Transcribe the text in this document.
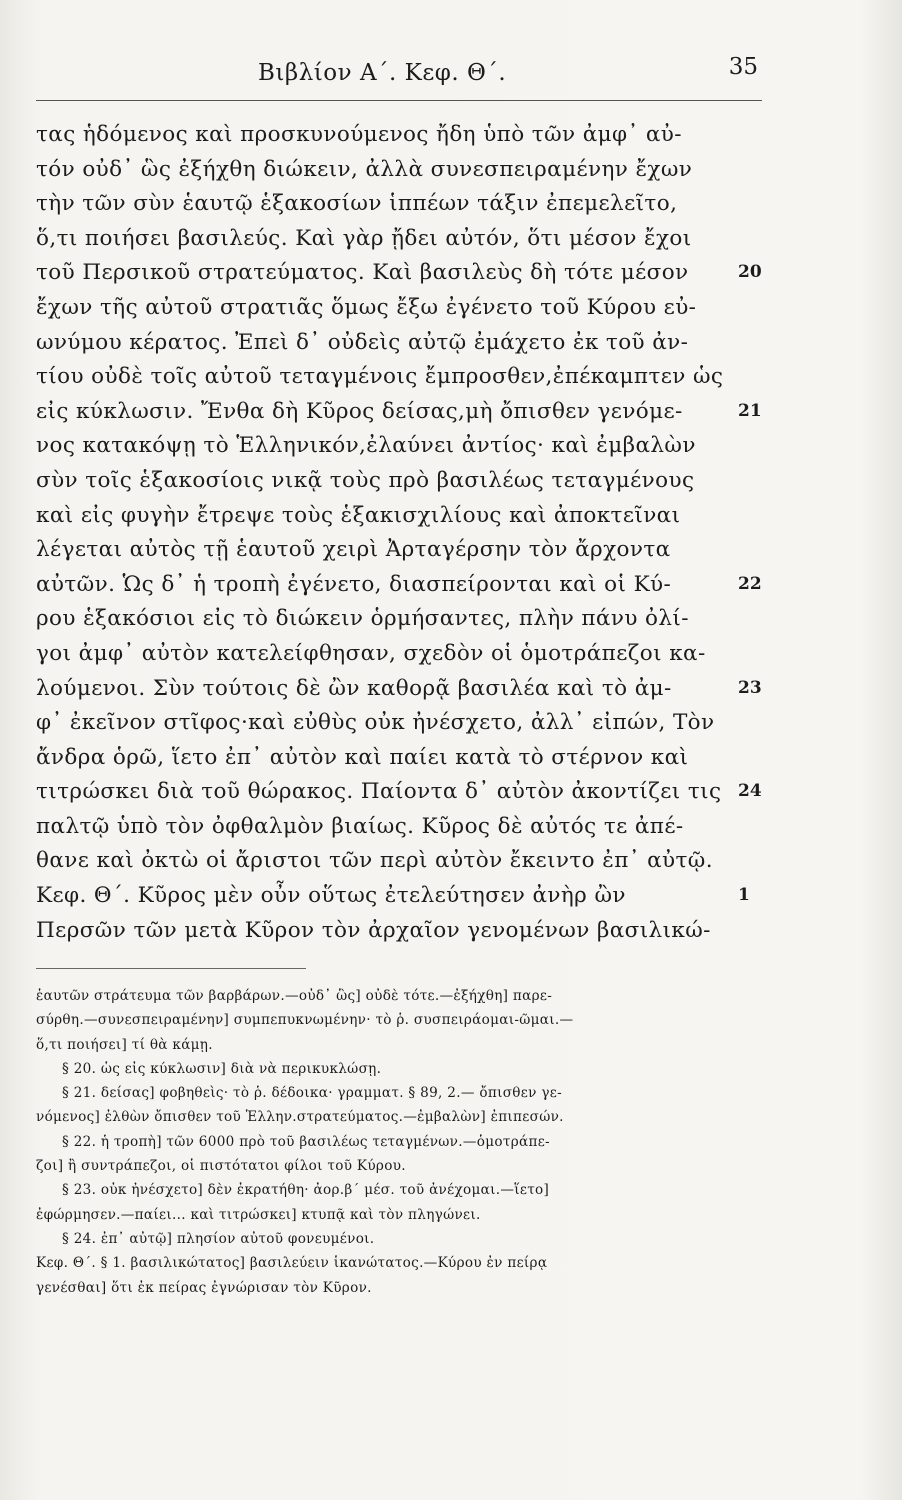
Βιβλίον Α΄. Κεφ. Θ΄.	35
τας ἡδόμενος καὶ προσκυνούμενος ἤδη ὑπὸ τῶν ἀμφ᾽ αὐ-
τόν οὐδ᾽ ὣς ἐξήχθη διώκειν, ἀλλὰ συνεσπειραμένην ἔχων
τὴν τῶν σὺν ἑαυτῷ ἑξακοσίων ἱππέων τάξιν ἐπεμελεῖτο,
ὅ,τι ποιήσει βασιλεύς. Καὶ γὰρ ᾔδει αὐτόν, ὅτι μέσον ἔχοι
τοῦ Περσικοῦ στρατεύματος. Καὶ βασιλεὺς δὴ τότε μέσον
ἔχων τῆς αὐτοῦ στρατιᾶς ὅμως ἔξω ἐγένετο τοῦ Κύρου εὐ-
ωνύμου κέρατος. Ἐπεὶ δ᾽ οὐδεὶς αὐτῷ ἐμάχετο ἐκ τοῦ ἀν-
τίου οὐδὲ τοῖς αὐτοῦ τεταγμένοις ἔμπροσθεν,ἐπέκαμπτεν ὡς
εἰς κύκλωσιν. Ἔνθα δὴ Κῦρος δείσας,μὴ ὄπισθεν γενόμε-
νος κατακόψῃ τὸ Ἑλληνικόν,ἐλαύνει ἀντίος· καὶ ἐμβαλὼν
σὺν τοῖς ἑξακοσίοις νικᾷ τοὺς πρὸ βασιλέως τεταγμένους
καὶ εἰς φυγὴν ἔτρεψε τοὺς ἑξακισχιλίους καὶ ἀποκτεῖναι
λέγεται αὐτὸς τῇ ἑαυτοῦ χειρὶ Ἀρταγέρσην τὸν ἄρχοντα
αὐτῶν. Ὡς δ᾽ ἡ τροπὴ ἐγένετο, διασπείρονται καὶ οἱ Κύ-
ρου ἑξακόσιοι εἰς τὸ διώκειν ὁρμήσαντες, πλὴν πάνυ ὀλί-
γοι ἀμφ᾽ αὐτὸν κατελείφθησαν, σχεδὸν οἱ ὁμοτράπεζοι κα-
λούμενοι. Σὺν τούτοις δὲ ὢν καθορᾷ βασιλέα καὶ τὸ ἀμ-
φ᾽ ἐκεῖνον στῖφος·καὶ εὐθὺς οὐκ ἠνέσχετο, ἀλλ᾽ εἰπών, Τὸν
ἄνδρα ὁρῶ, ἵετο ἐπ᾽ αὐτὸν καὶ παίει κατὰ τὸ στέρνον καὶ
τιτρώσκει διὰ τοῦ θώρακος. Παίοντα δ᾽ αὐτὸν ἀκοντίζει τις
παλτῷ ὑπὸ τὸν ὀφθαλμὸν βιαίως. Κῦρος δὲ αὐτός τε ἀπέ-
θανε καὶ ὀκτὼ οἱ ἄριστοι τῶν περὶ αὐτὸν ἔκειντο ἐπ᾽ αὐτῷ.
Κεφ. Θ΄. Κῦρος μὲν οὖν οὕτως ἐτελεύτησεν ἀνὴρ ὢν
Περσῶν τῶν μετὰ Κῦρον τὸν ἀρχαῖον γενομένων βασιλικώ-
20
21
22
23
24
1
ἑαυτῶν στράτευμα τῶν βαρβάρων.—οὐδ᾽ ὣς] οὐδὲ τότε.—ἐξήχθη] παρε-
σύρθη.—συνεσπειραμένην] συμπεπυκνωμένην· τὸ ῥ. συσπειράομαι-ῶμαι.—
ὅ,τι ποιήσει] τί θὰ κάμῃ.
§ 20. ὡς εἰς κύκλωσιν] διὰ νὰ περικυκλώσῃ.
§ 21. δείσας] φοβηθεὶς· τὸ ῥ. δέδοικα· γραμματ. § 89, 2.— ὄπισθεν γε-
νόμενος] ἐλθὼν ὄπισθεν τοῦ Ἑλλην.στρατεύματος.—ἐμβαλὼν] ἐπιπεσών.
§ 22. ἡ τροπὴ] τῶν 6000 πρὸ τοῦ βασιλέως τεταγμένων.—ὁμοτράπε-
ζοι] ἢ συντράπεζοι, οἱ πιστότατοι φίλοι τοῦ Κύρου.
§ 23. οὐκ ἠνέσχετο] δὲν ἐκρατήθη· ἀορ.β΄ μέσ. τοῦ ἀνέχομαι.—ἵετο]
ἐφώρμησεν.—παίει... καὶ τιτρώσκει] κτυπᾷ καὶ τὸν πληγώνει.
§ 24. ἐπ᾽ αὐτῷ] πλησίον αὐτοῦ φονευμένοι.
Κεφ. Θ΄. § 1. βασιλικώτατος] βασιλεύειν ἱκανώτατος.—Κύρου ἐν πείρᾳ
γενέσθαι] ὅτι ἐκ πείρας ἐγνώρισαν τὸν Κῦρον.
